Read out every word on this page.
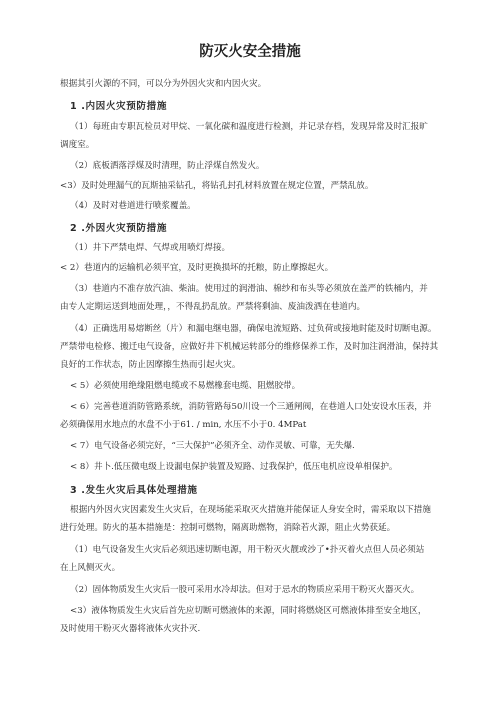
防灭火安全措施
根据其引火源的不同，可以分为外因火灾和内因火灾。
1 .内因火灾预防措施
（1）每班由专职瓦检员对甲烷、一氧化碳和温度进行检测，并记录存档，发现异常及时汇报旷
调度室。
（2）底板洒落浮煤及时清理，防止浮煤自然发火。
<3）及时处理漏气的瓦斯抽采钻孔，将钻孔封孔材料放置在规定位置，严禁乱放。
（4）及时对巷道进行喷浆覆盖。
2 .外因火灾预防措施
（1）井下严禁电焊、气焊或用喷灯焊接。
< 2）巷道内的运输机必须平宜，及时更换损坏的托粮，防止摩擦起火。
（3）巷道内不准存放汽油、柴油。使用过的润滑油、棉纱和布头等必须放在盖严的铁桶内，并
由专人定期运送到地面处理，，不得乱扔乱放。严禁将剩油、废油泼洒在巷道内。
（4）正确选用易熔断丝（片）和漏电继电器，确保电流短路、过负荷或接地时能及时切断电源。
严禁带电检修、搬迁电气设备，应做好井下机械运转部分的维修保养工作，及时加注润滑油，保持其
良好的工作状态，防止因摩擦生热而引起火灾。
< 5）必须使用绝缘阻燃电缆或不易燃橡套电缆、阻燃胶带。
< 6）完善巷道消防管路系统，消防管路每50川设一个三通闸阀，在巷道人口处安设水压表，并
必须确保用水地点的水盘不小于61. / min, 水压不小于0. 4MPat
< 7）电气设备必须完好，“三大保护”必须齐全、动作灵敏、可靠，无失爆.
< 8）井卜.低压微电级上设漏电保护装置及短路、过我保护，低压电机应设单相保护。
3 .发生火灾后具体处理措施
根据内外因火灾因素发生火灾后，在现场能采取灭火措施并能保证人身安全时，需采取以下措施
进行处理。防火的基本措施是：控制可燃物，隔离助燃物，消除若火源，阻止火势获延。
（1）电气设备发生火灾后必须迅速切断电源，用干粉灭火靓或沙了•扑灭着火点但人员必须站
在上风侧灭火。
（2）固体物质发生火灾后一股可采用水冷却法。但对于忌水的物质应采用干粉灭火器灭火。
<3）液体物质发生火灾后首先应切断可燃液体的来源，同时将燃烧区可燃液体排至安全地区，
及时使用干粉灭火器将液体火灾扑灭.
